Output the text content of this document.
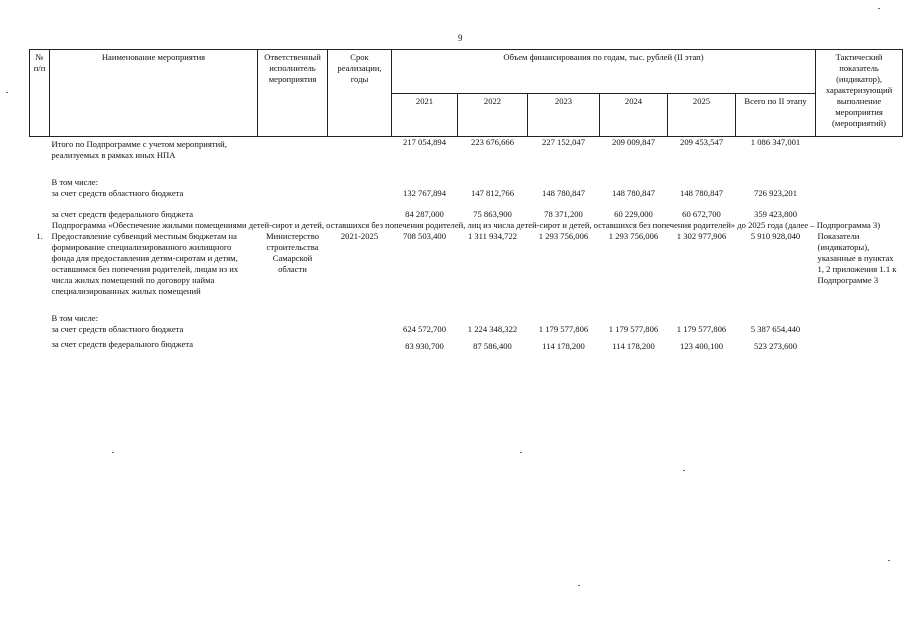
9
№ п/п	Наименование мероприятия	Ответственный исполнитель мероприятия	Срок реализации, годы	Объем финансирования по годам, тыс. рублей (II этап)						Тактический показатель (индикатор), характеризующий выполнение мероприятия (мероприятий)
				2021	2022	2023	2024	2025	Всего по II этапу	
	Итого по Подпрограмме с учетом мероприятий, реализуемых в рамках иных НПА			217 054,894	223 676,666	227 152,047	209 009,847	209 453,547	1 086 347,001	

	В том числе:									
	за счет средств областного бюджета			132 767,894	147 812,766	148 780,847	148 780,847	148 780,847	726 923,201	

	за счет средств федерального бюджета			84 287,000	75 863,900	78 371,200	60 229,000	60 672,700	359 423,800	
Подпрограмма «Обеспечение жилыми помещениями детей-сирот и детей, оставшихся без попечения родителей, лиц из числа детей-сирот и детей, оставшихся без попечения родителей» до 2025 года (далее – Подпрограмма 3)										
1.	Предоставление субвенций местным бюджетам на формирование специализированного жилищного фонда для предоставления детям-сиротам и детям, оставшимся без попечения родителей, лицам из их числа жилых помещений по договору найма специализированных жилых помещений	Министерство строительства Самарской области	2021-2025	708 503,400	1 311 934,722	1 293 756,006	1 293 756,006	1 302 977,906	5 910 928,040	Показатели (индикаторы), указанные в пунктах 1, 2 приложения 1.1 к Подпрограмме 3

	В том числе:									
	за счет средств областного бюджета			624 572,700	1 224 348,322	1 179 577,806	1 179 577,806	1 179 577,806	5 387 654,440	
	за счет средств федерального бюджета			83 930,700	87 586,400	114 178,200	114 178,200	123 400,100	523 273,600	
